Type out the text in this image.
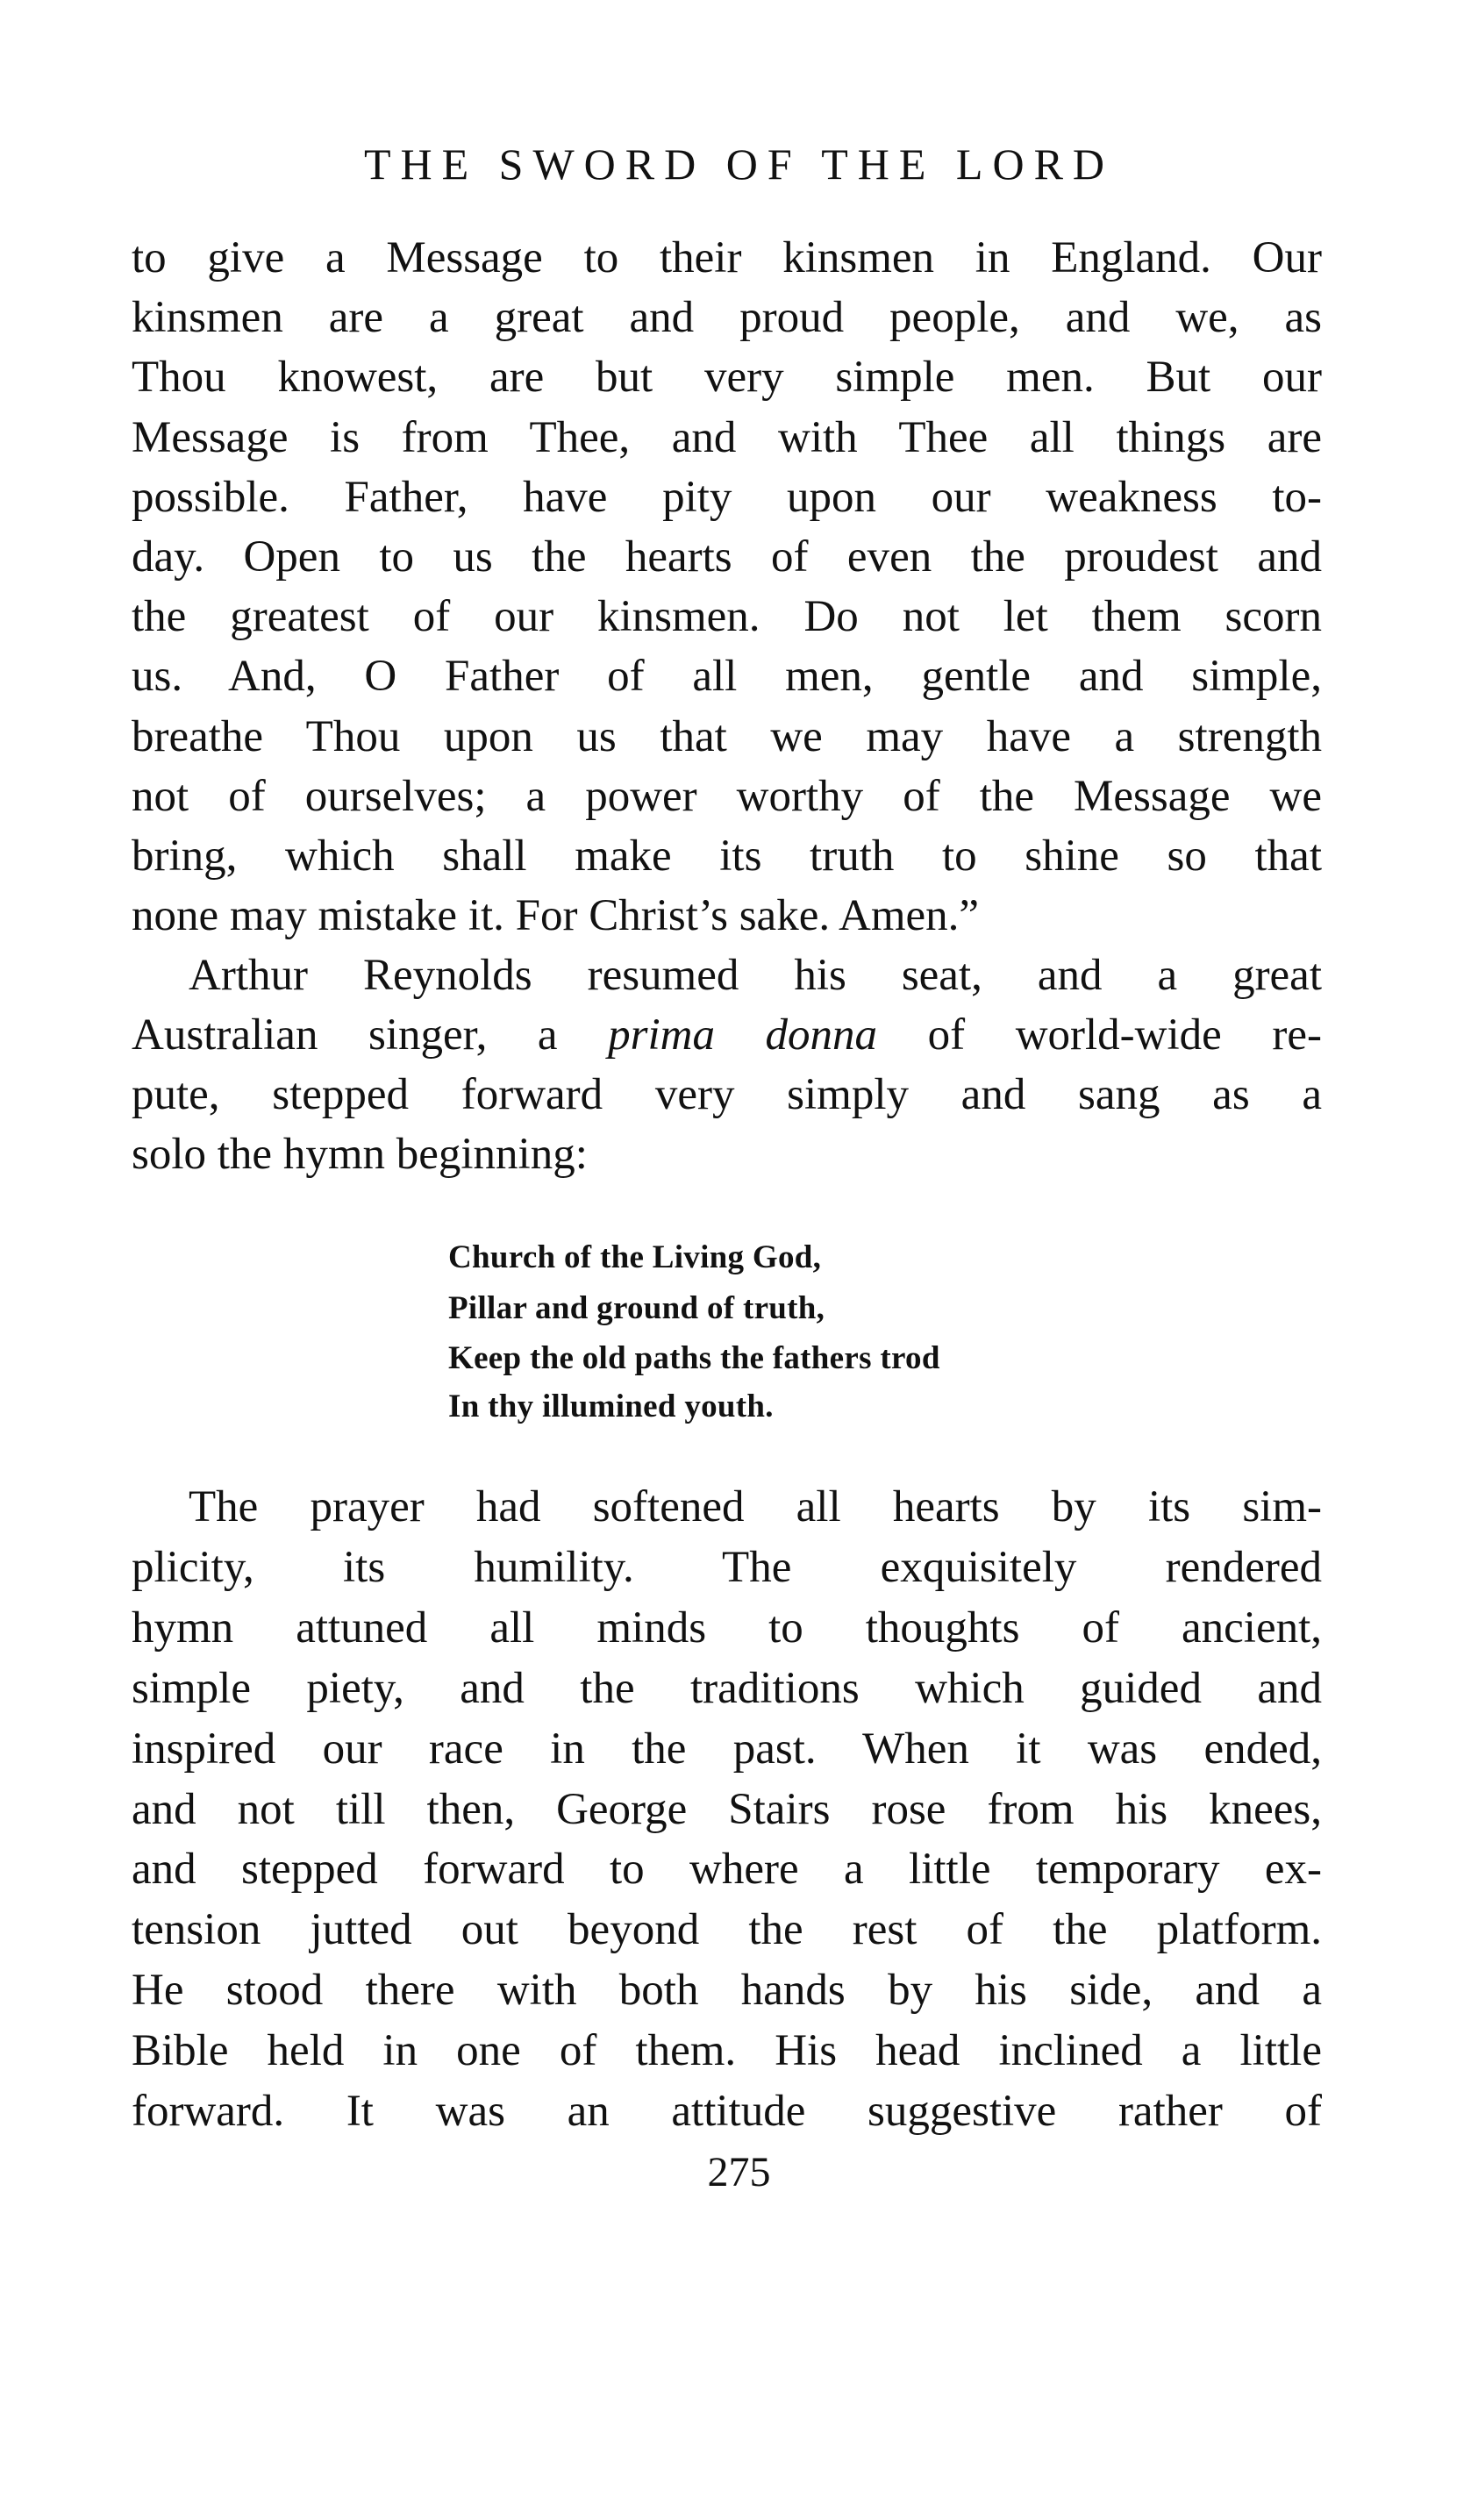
THE SWORD OF THE LORD
to give a Message to their kinsmen in England. Our
kinsmen are a great and proud people, and we, as
Thou knowest, are but very simple men. But our
Message is from Thee, and with Thee all things are
possible. Father, have pity upon our weakness to-
day. Open to us the hearts of even the proudest and
the greatest of our kinsmen. Do not let them scorn
us. And, O Father of all men, gentle and simple,
breathe Thou upon us that we may have a strength
not of ourselves; a power worthy of the Message we
bring, which shall make its truth to shine so that
none may mistake it. For Christ’s sake. Amen.”
Arthur Reynolds resumed his seat, and a great
Australian singer, a prima donna of world-wide re-
pute, stepped forward very simply and sang as a
solo the hymn beginning:
The prayer had softened all hearts by its sim-
plicity, its humility. The exquisitely rendered
hymn attuned all minds to thoughts of ancient,
simple piety, and the traditions which guided and
inspired our race in the past. When it was ended,
and not till then, George Stairs rose from his knees,
and stepped forward to where a little temporary ex-
tension jutted out beyond the rest of the platform.
He stood there with both hands by his side, and a
Bible held in one of them. His head inclined a little
forward. It was an attitude suggestive rather of
Church of the Living God,
Pillar and ground of truth,
Keep the old paths the fathers trod
In thy illumined youth.
275
